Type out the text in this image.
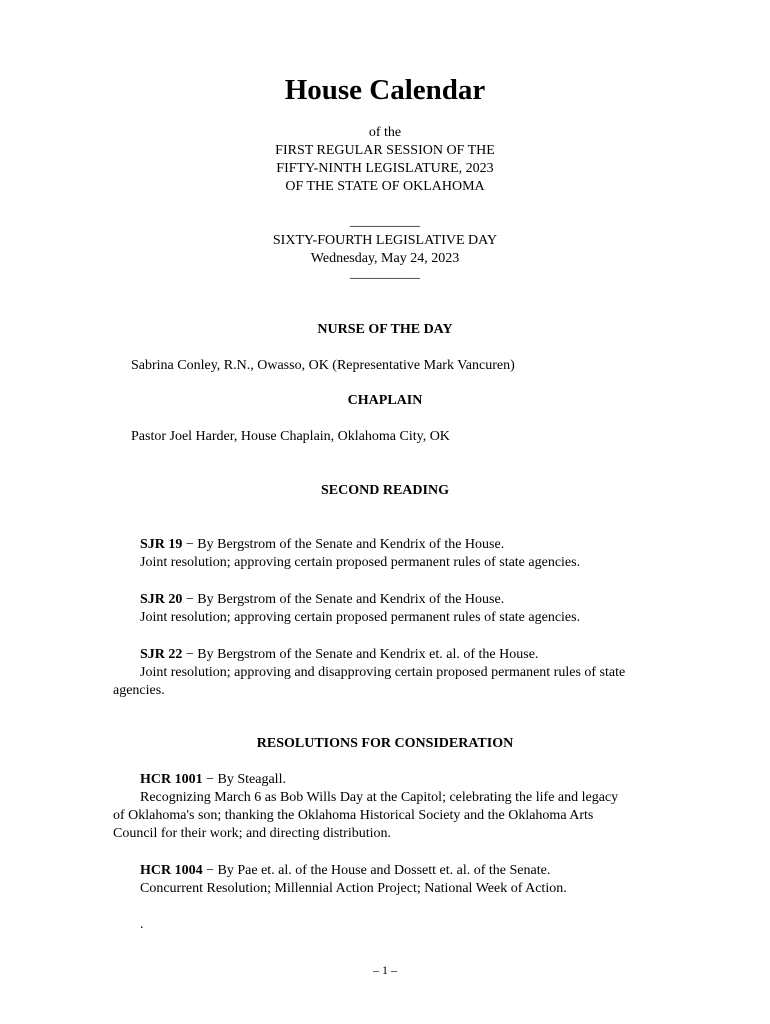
House Calendar
of the
FIRST REGULAR SESSION OF THE
FIFTY-NINTH LEGISLATURE, 2023
OF THE STATE OF OKLAHOMA
__________
SIXTY-FOURTH LEGISLATIVE DAY
Wednesday, May 24, 2023
__________
NURSE OF THE DAY
Sabrina Conley, R.N., Owasso, OK (Representative Mark Vancuren)
CHAPLAIN
Pastor Joel Harder, House Chaplain, Oklahoma City, OK
SECOND READING
SJR 19 − By Bergstrom of the Senate and Kendrix of the House.
Joint resolution; approving certain proposed permanent rules of state agencies.
SJR 20 − By Bergstrom of the Senate and Kendrix of the House.
Joint resolution; approving certain proposed permanent rules of state agencies.
SJR 22 − By Bergstrom of the Senate and Kendrix et. al. of the House.
Joint resolution; approving and disapproving certain proposed permanent rules of state
agencies.
RESOLUTIONS FOR CONSIDERATION
HCR 1001 − By Steagall.
Recognizing March 6 as Bob Wills Day at the Capitol; celebrating the life and legacy
of Oklahoma's son; thanking the Oklahoma Historical Society and the Oklahoma Arts
Council for their work; and directing distribution.
HCR 1004 − By Pae et. al. of the House and Dossett et. al. of the Senate.
Concurrent Resolution; Millennial Action Project; National Week of Action.
.
– 1 –
